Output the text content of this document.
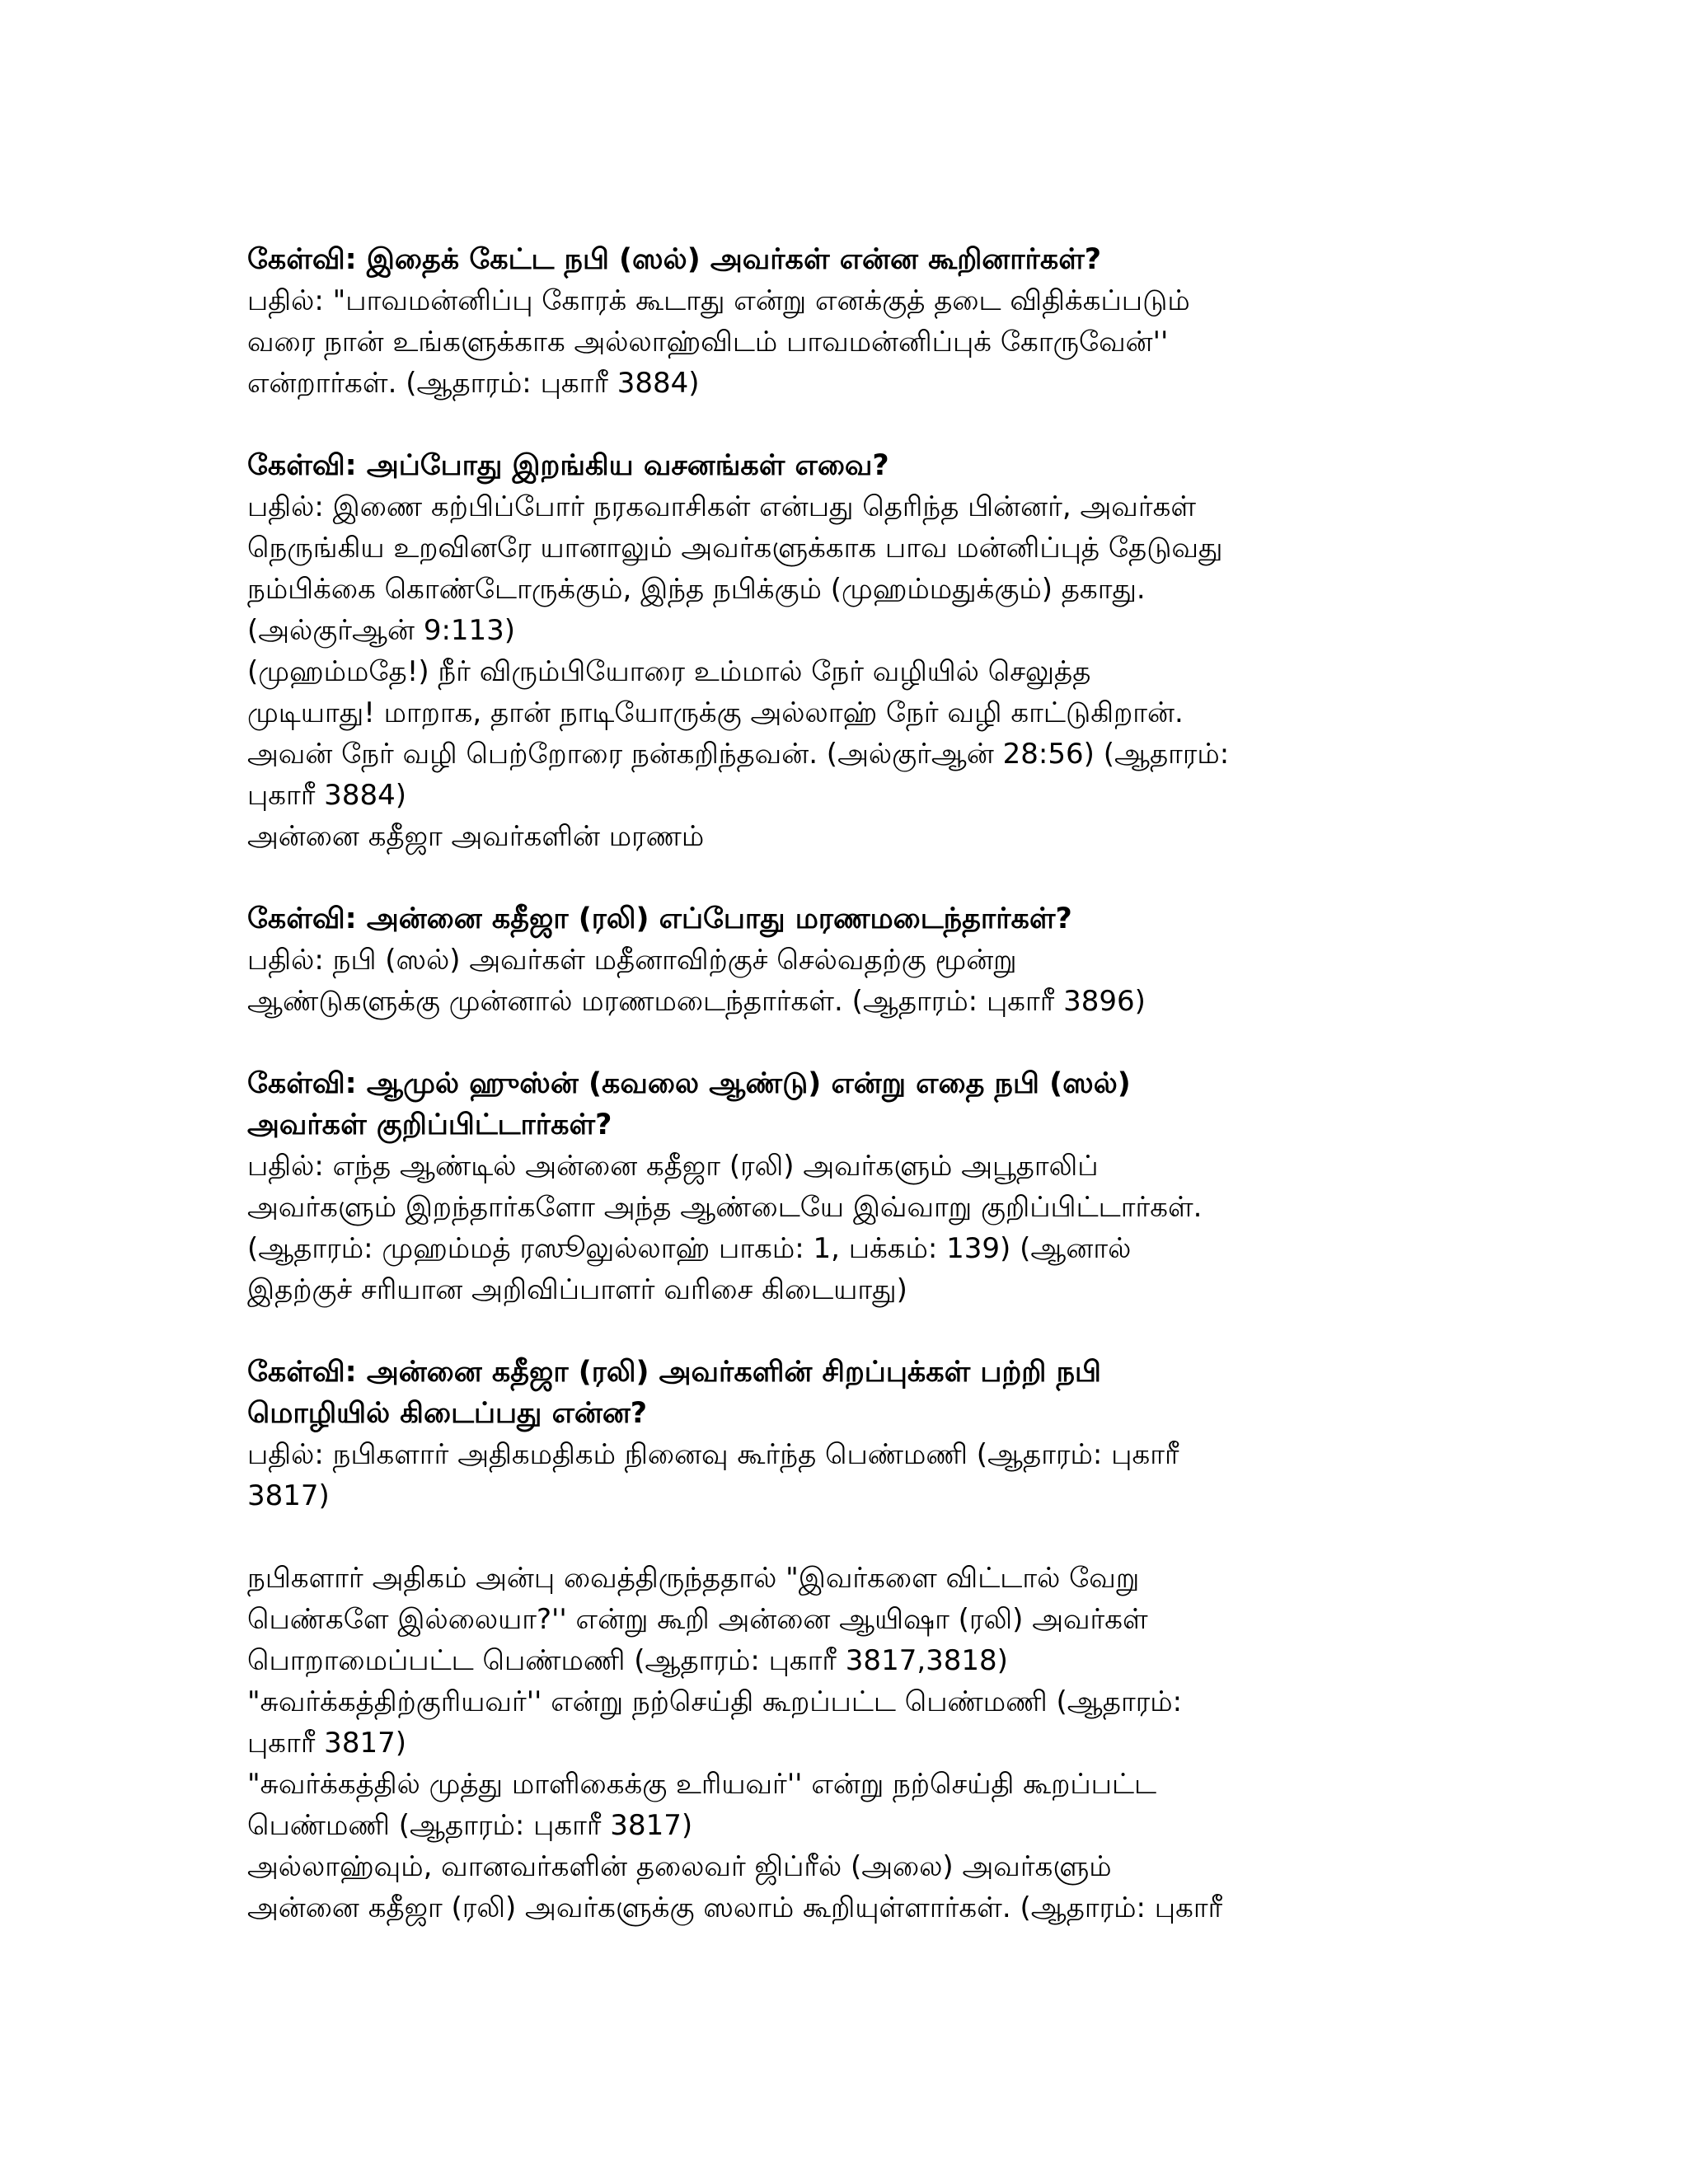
கேள்வி: இதைக் கேட்ட நபி (ஸல்) அவர்கள் என்ன கூறினார்கள்?
பதில்: "பாவமன்னிப்பு கோரக் கூடாது என்று எனக்குத் தடை விதிக்கப்படும்
வரை நான் உங்களுக்காக அல்லாஹ்விடம் பாவமன்னிப்புக் கோருவேன்''
என்றார்கள். (ஆதாரம்: புகாரீ 3884)
கேள்வி: அப்போது இறங்கிய வசனங்கள் எவை?
பதில்: இணை கற்பிப்போர் நரகவாசிகள் என்பது தெரிந்த பின்னர், அவர்கள்
நெருங்கிய உறவினரே யானாலும் அவர்களுக்காக பாவ மன்னிப்புத் தேடுவது
நம்பிக்கை கொண்டோருக்கும், இந்த நபிக்கும் (முஹம்மதுக்கும்) தகாது.
(அல்குர்ஆன் 9:113)
(முஹம்மதே!) நீர் விரும்பியோரை உம்மால் நேர் வழியில் செலுத்த
முடியாது! மாறாக, தான் நாடியோருக்கு அல்லாஹ் நேர் வழி காட்டுகிறான்.
அவன் நேர் வழி பெற்றோரை நன்கறிந்தவன். (அல்குர்ஆன் 28:56) (ஆதாரம்:
புகாரீ 3884)
அன்னை கதீஜா அவர்களின் மரணம்
கேள்வி: அன்னை கதீஜா (ரலி) எப்போது மரணமடைந்தார்கள்?
பதில்: நபி (ஸல்) அவர்கள் மதீனாவிற்குச் செல்வதற்கு மூன்று
ஆண்டுகளுக்கு முன்னால் மரணமடைந்தார்கள். (ஆதாரம்: புகாரீ 3896)
கேள்வி: ஆமுல் ஹுஸ்ன் (கவலை ஆண்டு) என்று எதை நபி (ஸல்)
அவர்கள் குறிப்பிட்டார்கள்?
பதில்: எந்த ஆண்டில் அன்னை கதீஜா (ரலி) அவர்களும் அபூதாலிப்
அவர்களும் இறந்தார்களோ அந்த ஆண்டையே இவ்வாறு குறிப்பிட்டார்கள்.
(ஆதாரம்: முஹம்மத் ரஸூலுல்லாஹ் பாகம்: 1, பக்கம்: 139) (ஆனால்
இதற்குச் சரியான அறிவிப்பாளர் வரிசை கிடையாது)
கேள்வி: அன்னை கதீஜா (ரலி) அவர்களின் சிறப்புக்கள் பற்றி நபி
மொழியில் கிடைப்பது என்ன?
பதில்: நபிகளார் அதிகமதிகம் நினைவு கூர்ந்த பெண்மணி (ஆதாரம்: புகாரீ
3817)
நபிகளார் அதிகம் அன்பு வைத்திருந்ததால் "இவர்களை விட்டால் வேறு
பெண்களே இல்லையா?'' என்று கூறி அன்னை ஆயிஷா (ரலி) அவர்கள்
பொறாமைப்பட்ட பெண்மணி (ஆதாரம்: புகாரீ 3817,3818)
"சுவர்க்கத்திற்குரியவர்'' என்று நற்செய்தி கூறப்பட்ட பெண்மணி (ஆதாரம்:
புகாரீ 3817)
"சுவர்க்கத்தில் முத்து மாளிகைக்கு உரியவர்'' என்று நற்செய்தி கூறப்பட்ட
பெண்மணி (ஆதாரம்: புகாரீ 3817)
அல்லாஹ்வும், வானவர்களின் தலைவர் ஜிப்ரீல் (அலை) அவர்களும்
அன்னை கதீஜா (ரலி) அவர்களுக்கு ஸலாம் கூறியுள்ளார்கள். (ஆதாரம்: புகாரீ
